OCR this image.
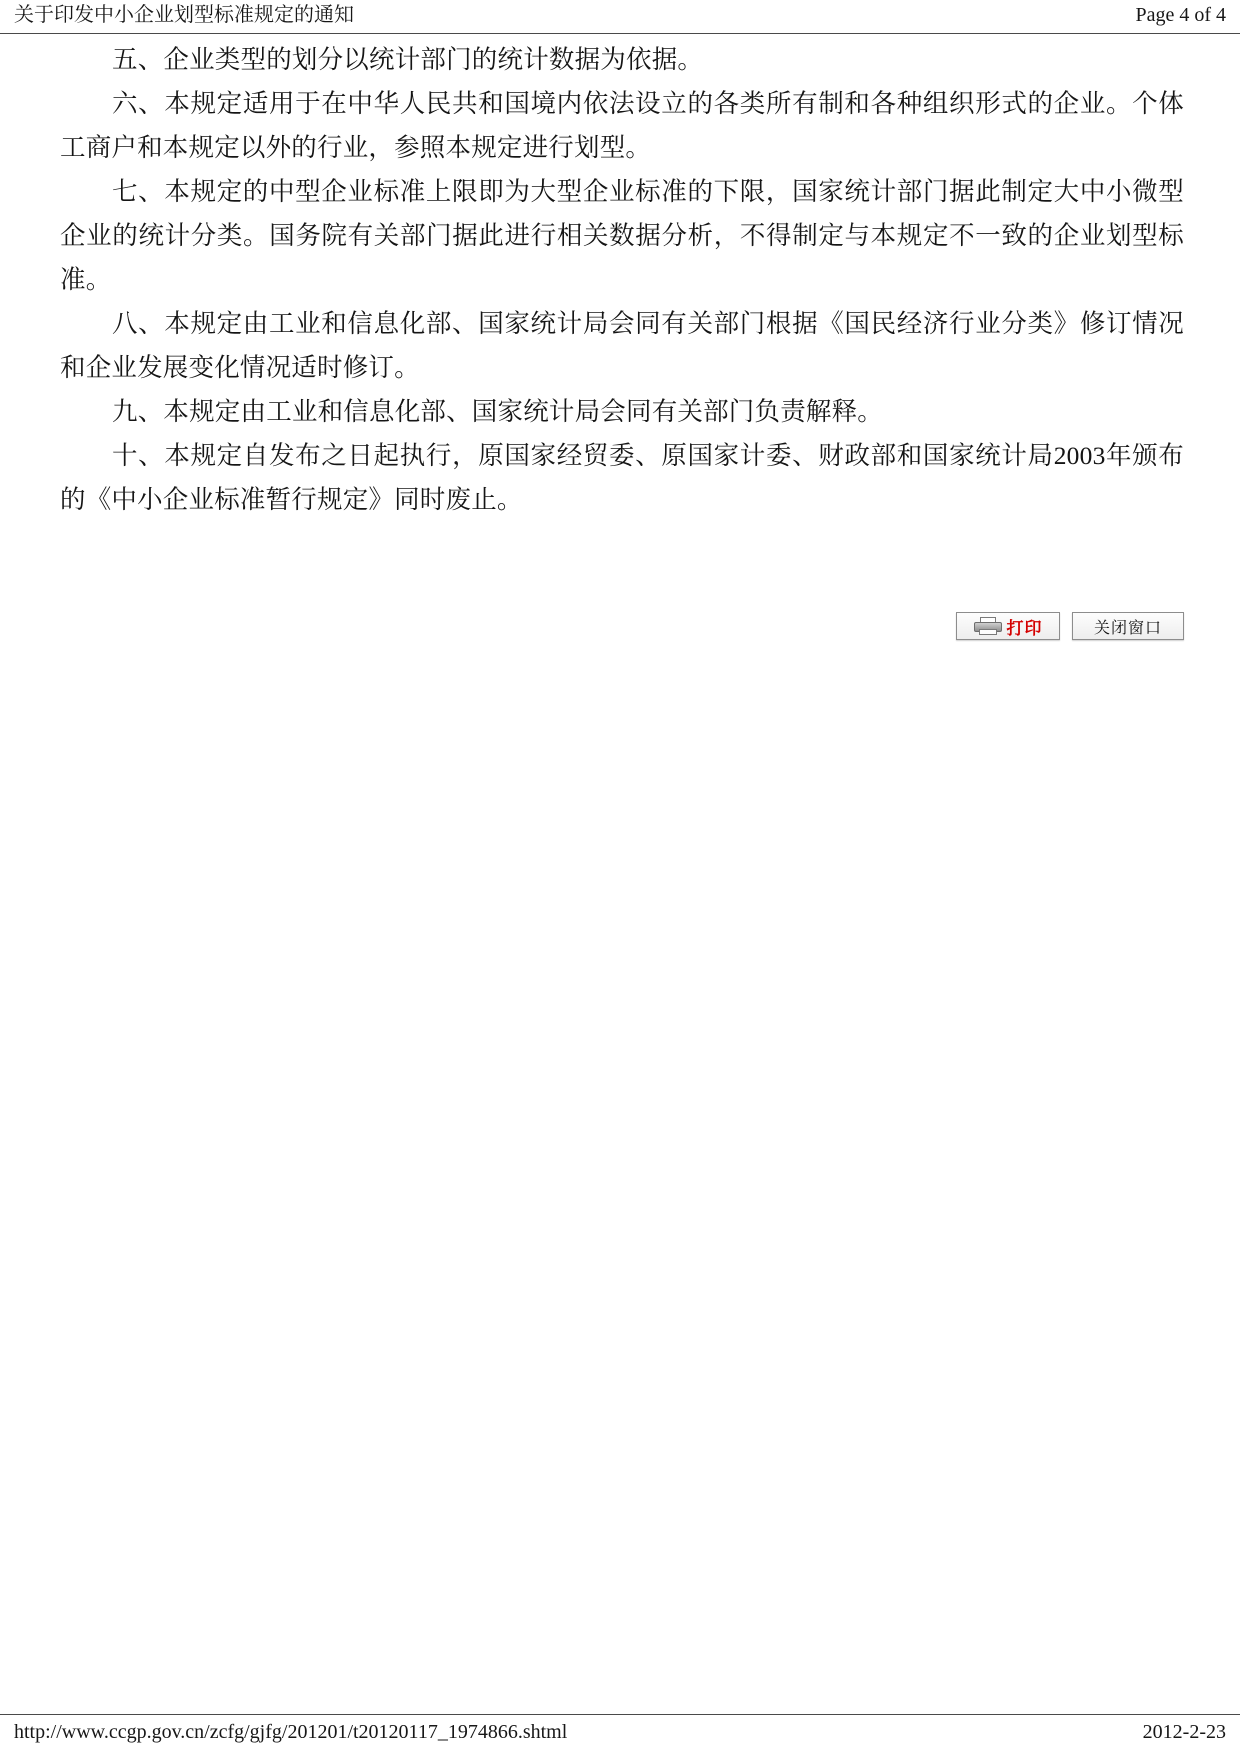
关于印发中小企业划型标准规定的通知	Page 4 of 4

五、企业类型的划分以统计部门的统计数据为依据。

六、本规定适用于在中华人民共和国境内依法设立的各类所有制和各种组织形式的企业。个体工商户和本规定以外的行业，参照本规定进行划型。

七、本规定的中型企业标准上限即为大型企业标准的下限，国家统计部门据此制定大中小微型企业的统计分类。国务院有关部门据此进行相关数据分析，不得制定与本规定不一致的企业划型标准。

八、本规定由工业和信息化部、国家统计局会同有关部门根据《国民经济行业分类》修订情况和企业发展变化情况适时修订。

九、本规定由工业和信息化部、国家统计局会同有关部门负责解释。

十、本规定自发布之日起执行，原国家经贸委、原国家计委、财政部和国家统计局2003年颁布的《中小企业标准暂行规定》同时废止。

打印	关闭窗口
http://www.ccgp.gov.cn/zcfg/gjfg/201201/t20120117_1974866.shtml	2012-2-23
